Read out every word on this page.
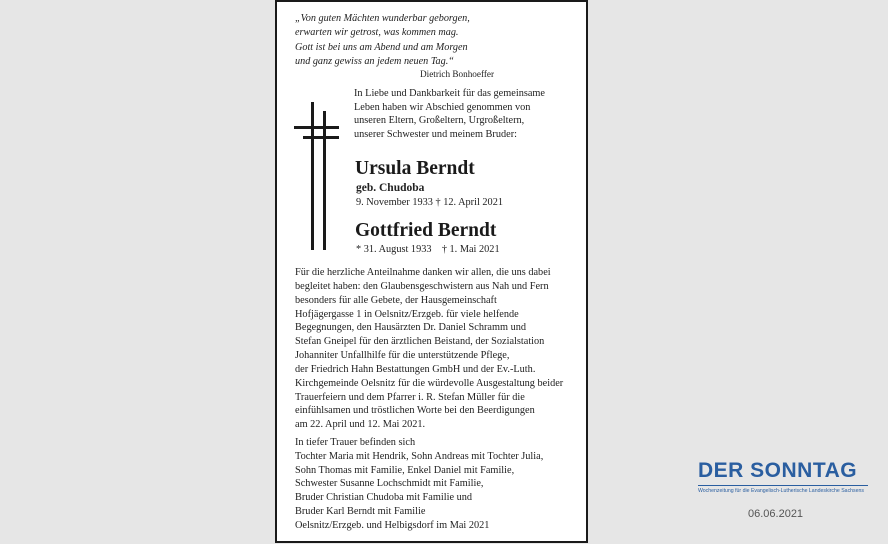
„Von guten Mächten wunderbar geborgen,
erwarten wir getrost, was kommen mag.
Gott ist bei uns am Abend und am Morgen
und ganz gewiss an jedem neuen Tag.“
Dietrich Bonhoeffer
In Liebe und Dankbarkeit für das gemeinsame
Leben haben wir Abschied genommen von
unseren Eltern, Großeltern, Urgroßeltern,
unserer Schwester und meinem Bruder:
Ursula Berndt
geb. Chudoba
9. November 1933 † 12. April 2021
Gottfried Berndt
* 31. August 1933    † 1. Mai 2021
Für die herzliche Anteilnahme danken wir allen, die uns dabei
begleitet haben: den Glaubensgeschwistern aus Nah und Fern
besonders für alle Gebete, der Hausgemeinschaft
Hofjägergasse 1 in Oelsnitz/Erzgeb. für viele helfende
Begegnungen, den Hausärzten Dr. Daniel Schramm und
Stefan Gneipel für den ärztlichen Beistand, der Sozialstation
Johanniter Unfallhilfe für die unterstützende Pflege,
der Friedrich Hahn Bestattungen GmbH und der Ev.-Luth.
Kirchgemeinde Oelsnitz für die würdevolle Ausgestaltung beider
Trauerfeiern und dem Pfarrer i. R. Stefan Müller für die
einfühlsamen und tröstlichen Worte bei den Beerdigungen
am 22. April und 12. Mai 2021.
In tiefer Trauer befinden sich
Tochter Maria mit Hendrik, Sohn Andreas mit Tochter Julia,
Sohn Thomas mit Familie, Enkel Daniel mit Familie,
Schwester Susanne Lochschmidt mit Familie,
Bruder Christian Chudoba mit Familie und
Bruder Karl Berndt mit Familie
Oelsnitz/Erzgeb. und Helbigsdorf im Mai 2021
DER SONNTAG
Wochenzeitung für die Evangelisch-Lutherische Landeskirche Sachsens
06.06.2021
